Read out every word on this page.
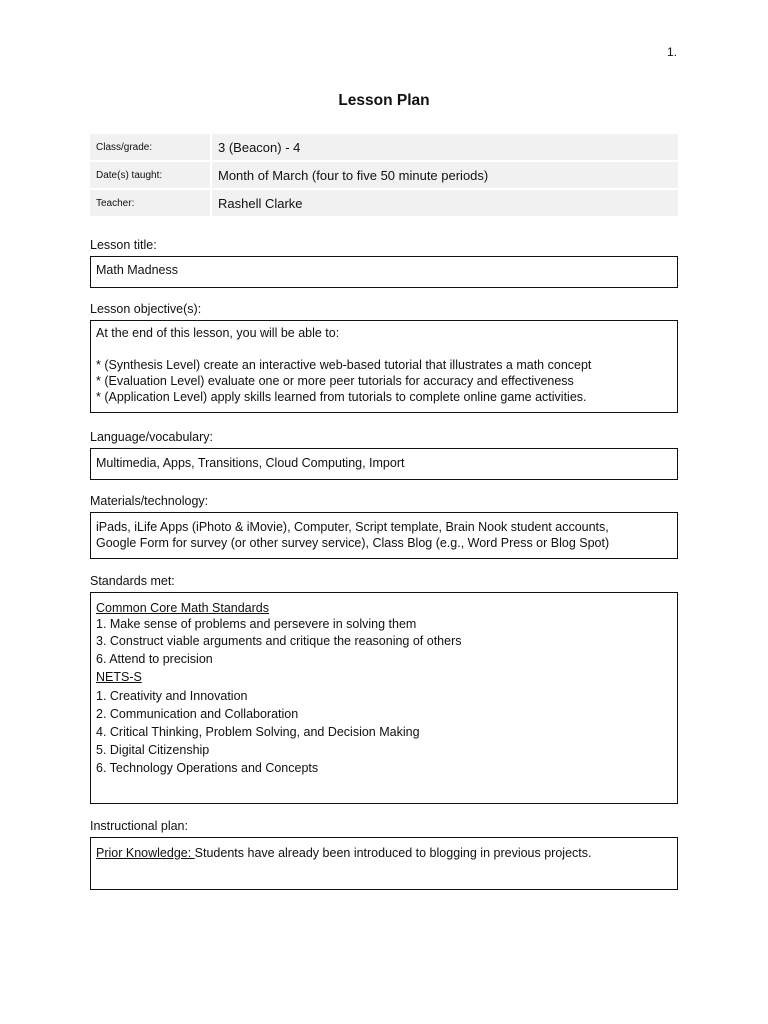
1.
Lesson Plan
Class/grade:	3 (Beacon) - 4
Date(s) taught:	Month of March (four to five 50 minute periods)
Teacher:	Rashell Clarke
Lesson title:
Math Madness
Lesson objective(s):
At the end of this lesson, you will be able to:
* (Synthesis Level) create an interactive web-based tutorial that illustrates a math concept
* (Evaluation Level) evaluate one or more peer tutorials for accuracy and effectiveness
* (Application Level) apply skills learned from tutorials to complete online game activities.
Language/vocabulary:
Multimedia, Apps, Transitions, Cloud Computing, Import
Materials/technology:
iPads, iLife Apps (iPhoto & iMovie), Computer, Script template, Brain Nook student accounts,
Google Form for survey (or other survey service), Class Blog (e.g., Word Press or Blog Spot)
Standards met:
Common Core Math Standards
1. Make sense of problems and persevere in solving them
3. Construct viable arguments and critique the reasoning of others
6. Attend to precision
NETS-S
1. Creativity and Innovation
2. Communication and Collaboration
4. Critical Thinking, Problem Solving, and Decision Making
5. Digital Citizenship
6. Technology Operations and Concepts
Instructional plan:
Prior Knowledge: Students have already been introduced to blogging in previous projects.
